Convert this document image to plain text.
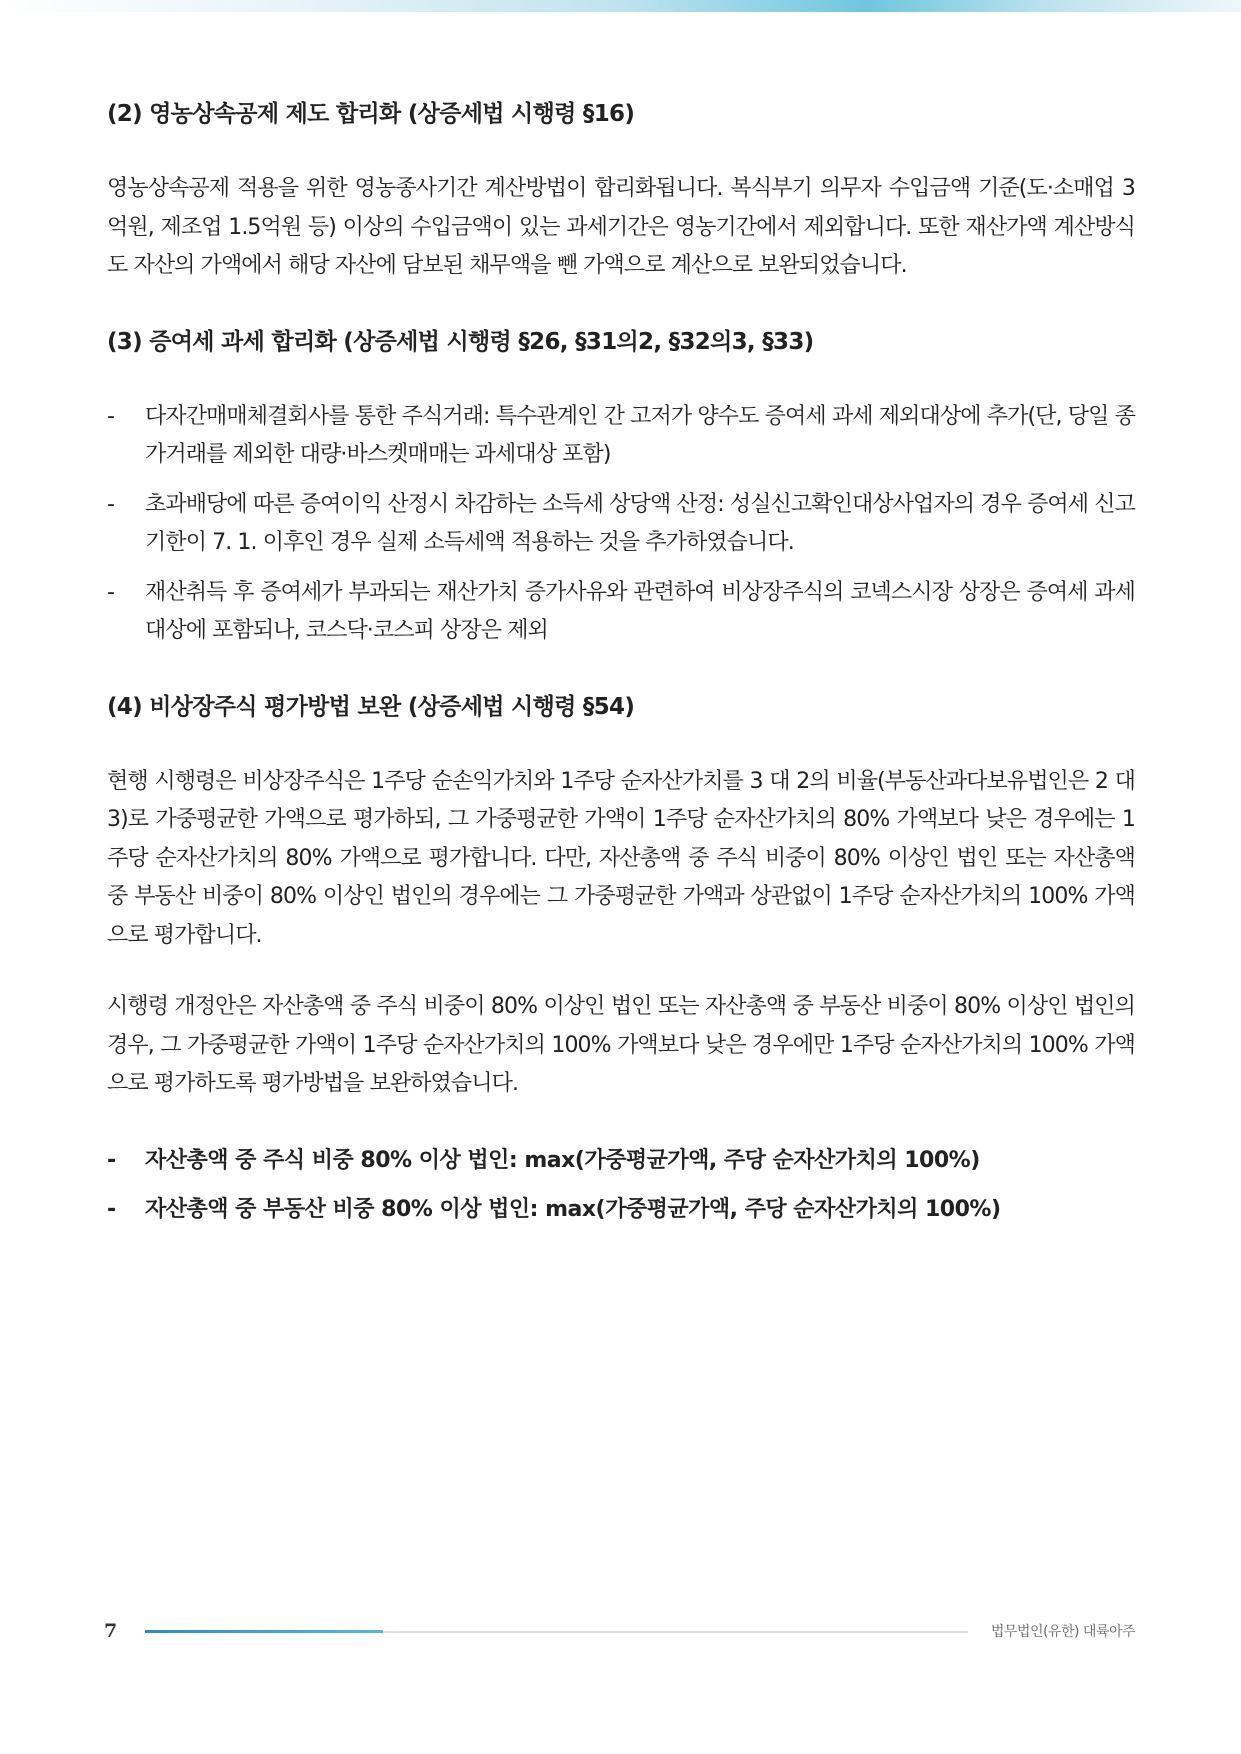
(2) 영농상속공제 제도 합리화 (상증세법 시행령 §16)

영농상속공제 적용을 위한 영농종사기간 계산방법이 합리화됩니다. 복식부기 의무자 수입금액 기준(도·소매업 3억원, 제조업 1.5억원 등) 이상의 수입금액이 있는 과세기간은 영농기간에서 제외합니다. 또한 재산가액 계산방식도 자산의 가액에서 해당 자산에 담보된 채무액을 뺀 가액으로 계산으로 보완되었습니다.

(3) 증여세 과세 합리화 (상증세법 시행령 §26, §31의2, §32의3, §33)
- 다자간매매체결회사를 통한 주식거래: 특수관계인 간 고저가 양수도 증여세 과세 제외대상에 추가(단, 당일 종가거래를 제외한 대량·바스켓매매는 과세대상 포함)
- 초과배당에 따른 증여이익 산정시 차감하는 소득세 상당액 산정: 성실신고확인대상사업자의 경우 증여세 신고기한이 7. 1. 이후인 경우 실제 소득세액 적용하는 것을 추가하였습니다.
- 재산취득 후 증여세가 부과되는 재산가치 증가사유와 관련하여 비상장주식의 코넥스시장 상장은 증여세 과세대상에 포함되나, 코스닥·코스피 상장은 제외
(4) 비상장주식 평가방법 보완 (상증세법 시행령 §54)

현행 시행령은 비상장주식은 1주당 순손익가치와 1주당 순자산가치를 3 대 2의 비율(부동산과다보유법인은 2 대 3)로 가중평균한 가액으로 평가하되, 그 가중평균한 가액이 1주당 순자산가치의 80% 가액보다 낮은 경우에는 1주당 순자산가치의 80% 가액으로 평가합니다. 다만, 자산총액 중 주식 비중이 80% 이상인 법인 또는 자산총액 중 부동산 비중이 80% 이상인 법인의 경우에는 그 가중평균한 가액과 상관없이 1주당 순자산가치의 100% 가액으로 평가합니다.

시행령 개정안은 자산총액 중 주식 비중이 80% 이상인 법인 또는 자산총액 중 부동산 비중이 80% 이상인 법인의 경우, 그 가중평균한 가액이 1주당 순자산가치의 100% 가액보다 낮은 경우에만 1주당 순자산가치의 100% 가액으로 평가하도록 평가방법을 보완하였습니다.

- 자산총액 중 주식 비중 80% 이상 법인: max(가중평균가액, 주당 순자산가치의 100%)
- 자산총액 중 부동산 비중 80% 이상 법인: max(가중평균가액, 주당 순자산가치의 100%)
7	법무법인(유한) 대륙아주
